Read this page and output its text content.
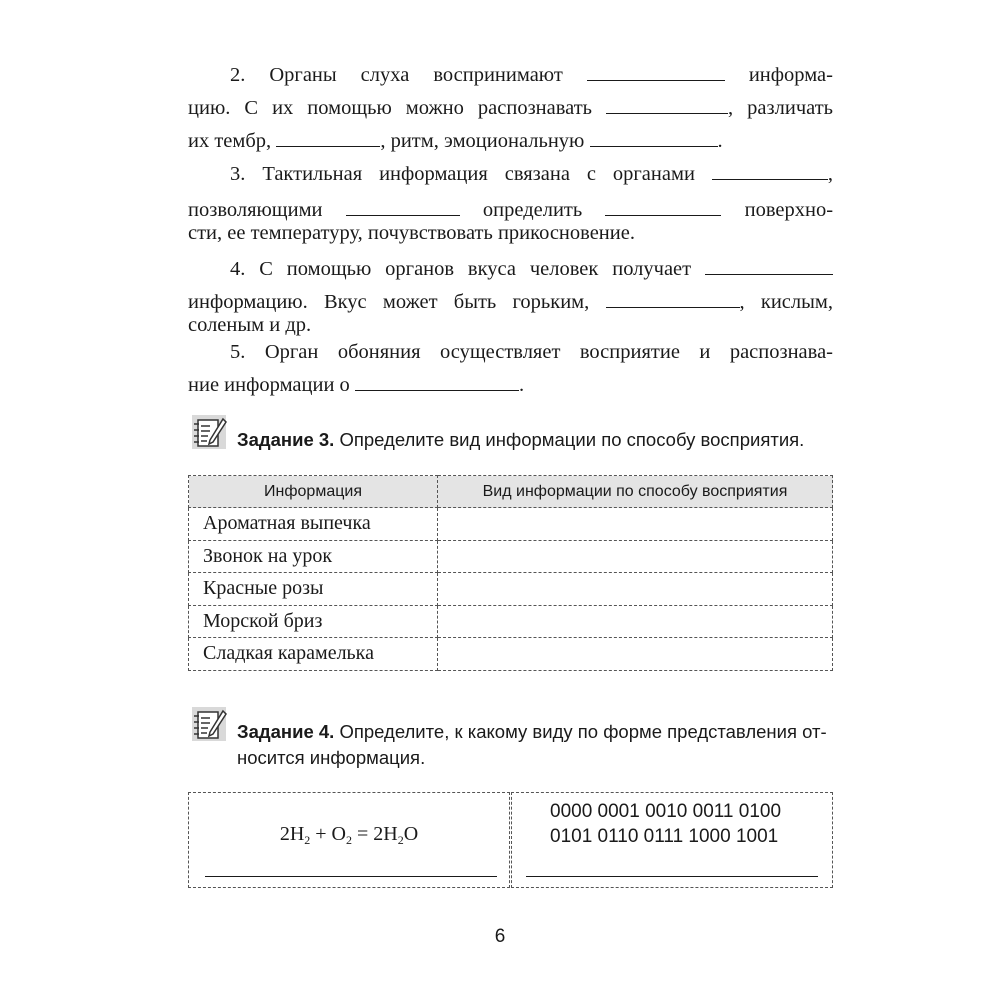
2. Органы слуха воспринимают	информа-

цию. С их помощью можно распознавать	, различать

их тембр,	, ритм, эмоциональную	.

3. Тактильная информация связана с органами	,

позволяющими	определить	поверхно-

сти, ее температуру, почувствовать прикосновение.

4. С помощью органов вкуса человек получает

информацию. Вкус может быть горьким,	, кислым,

соленым и др.

5. Орган обоняния осуществляет восприятие и распознава-

ние информации о	.

Задание 3. Определите вид информации по способу восприятия.

Информация	Вид информации по способу восприятия
Ароматная выпечка	
Звонок на урок	
Красные розы	
Морской бриз	
Сладкая карамелька	

Задание 4. Определите, к какому виду по форме представления от-

носится информация.

$2H_2 + O_2 = 2H_2O$
0000 0001 0010 0011 0100
0101 0110 0111 1000 1001
6
